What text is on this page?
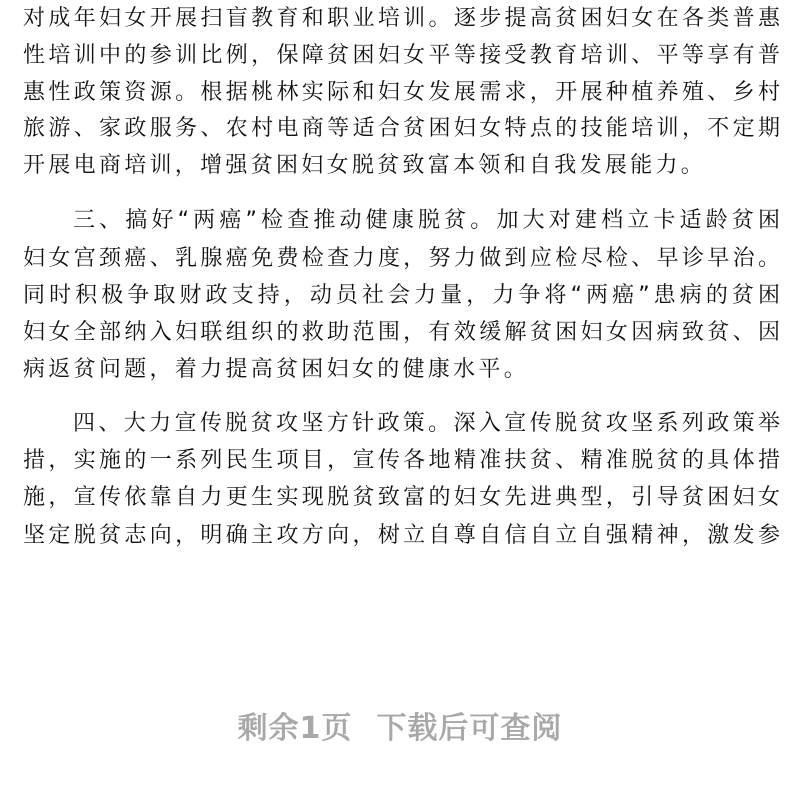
对成年妇女开展扫盲教育和职业培训。逐步提高贫困妇女在各类普惠
性培训中的参训比例，保障贫困妇女平等接受教育培训、平等享有普
惠性政策资源。根据桃林实际和妇女发展需求，开展种植养殖、乡村
旅游、家政服务、农村电商等适合贫困妇女特点的技能培训，不定期
开展电商培训，增强贫困妇女脱贫致富本领和自我发展能力。
三、搞好“两癌”检查推动健康脱贫。加大对建档立卡适龄贫困
妇女宫颈癌、乳腺癌免费检查力度，努力做到应检尽检、早诊早治。
同时积极争取财政支持，动员社会力量，力争将“两癌”患病的贫困
妇女全部纳入妇联组织的救助范围，有效缓解贫困妇女因病致贫、因
病返贫问题，着力提高贫困妇女的健康水平。
四、大力宣传脱贫攻坚方针政策。深入宣传脱贫攻坚系列政策举
措，实施的一系列民生项目，宣传各地精准扶贫、精准脱贫的具体措
施，宣传依靠自力更生实现脱贫致富的妇女先进典型，引导贫困妇女
坚定脱贫志向，明确主攻方向，树立自尊自信自立自强精神，激发参
剩余1页 下载后可查阅
